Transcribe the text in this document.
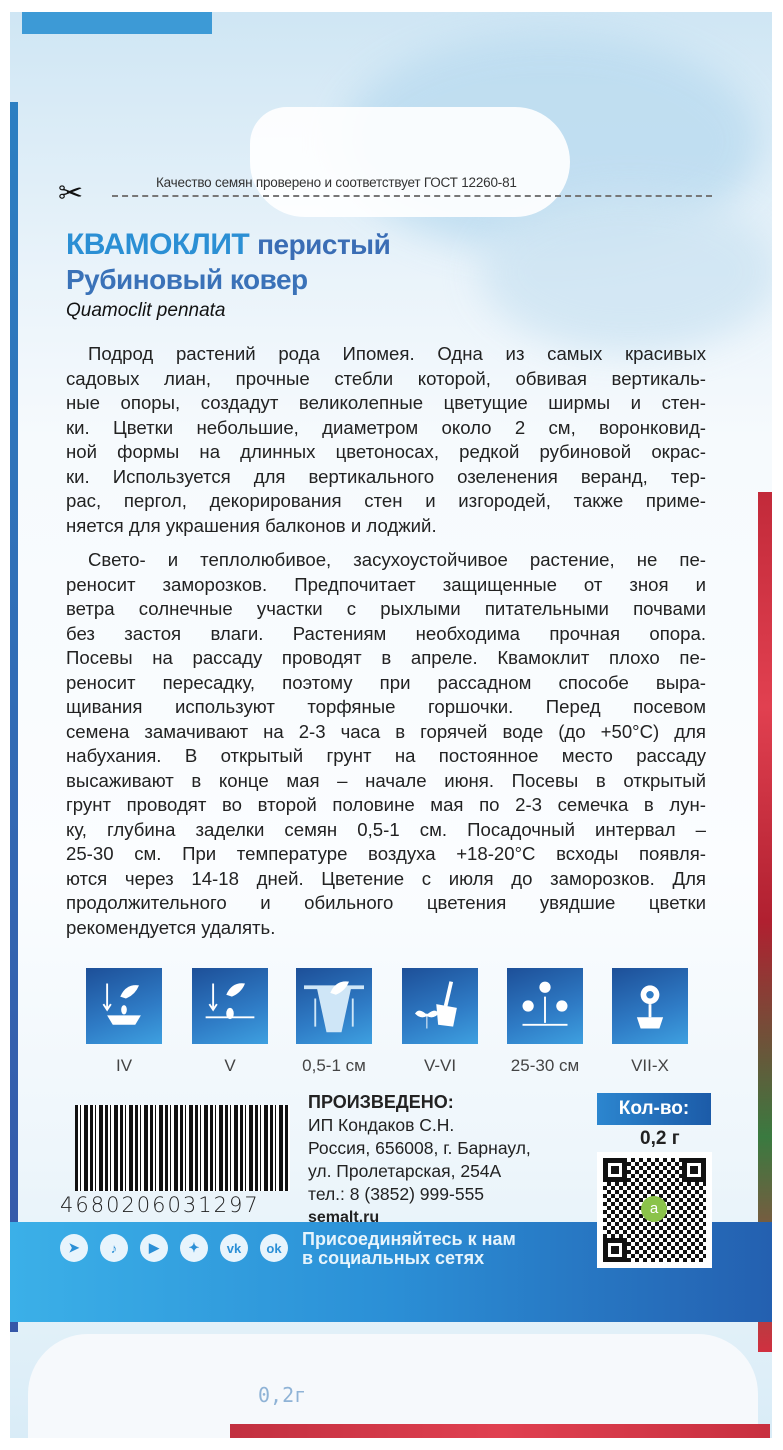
✂	Качество семян проверено и соответствует ГОСТ 12260-81
КВАМОКЛИТ перистый
Рубиновый ковер
Quamoclit pennata
Подрод растений рода Ипомея. Одна из самых красивых
садовых лиан, прочные стебли которой, обвивая вертикаль-
ные опоры, создадут великолепные цветущие ширмы и стен-
ки. Цветки небольшие, диаметром около 2 см, воронковид-
ной формы на длинных цветоносах, редкой рубиновой окрас-
ки. Используется для вертикального озеленения веранд, тер-
рас, пергол, декорирования стен и изгородей, также приме-
няется для украшения балконов и лоджий.
Свето- и теплолюбивое, засухоустойчивое растение, не пе-
реносит заморозков. Предпочитает защищенные от зноя и
ветра солнечные участки с рыхлыми питательными почвами
без застоя влаги. Растениям необходима прочная опора.
Посевы на рассаду проводят в апреле. Квамоклит плохо пе-
реносит пересадку, поэтому при рассадном способе выра-
щивания используют торфяные горшочки. Перед посевом
семена замачивают на 2-3 часа в горячей воде (до +50°С) для
набухания. В открытый грунт на постоянное место рассаду
высаживают в конце мая – начале июня. Посевы в открытый
грунт проводят во второй половине мая по 2-3 семечка в лун-
ку, глубина заделки семян 0,5-1 см. Посадочный интервал –
25-30 см. При температуре воздуха +18-20°С всходы появля-
ются через 14-18 дней. Цветение с июля до заморозков. Для
продолжительного и обильного цветения увядшие цветки
рекомендуется удалять.
IV	V	0,5-1 см	V-VI	25-30 см	VII-X
4680206031297
ПРОИЗВЕДЕНО:
ИП Кондаков С.Н.
Россия, 656008, г. Барнаул,
ул. Пролетарская, 254А
тел.: 8 (3852) 999-555
semalt.ru
Кол-во:
0,2 г
a
➤	♪	▶	✦	vk	ok	Присоединяйтесь к нам
в социальных сетях
0,2г
